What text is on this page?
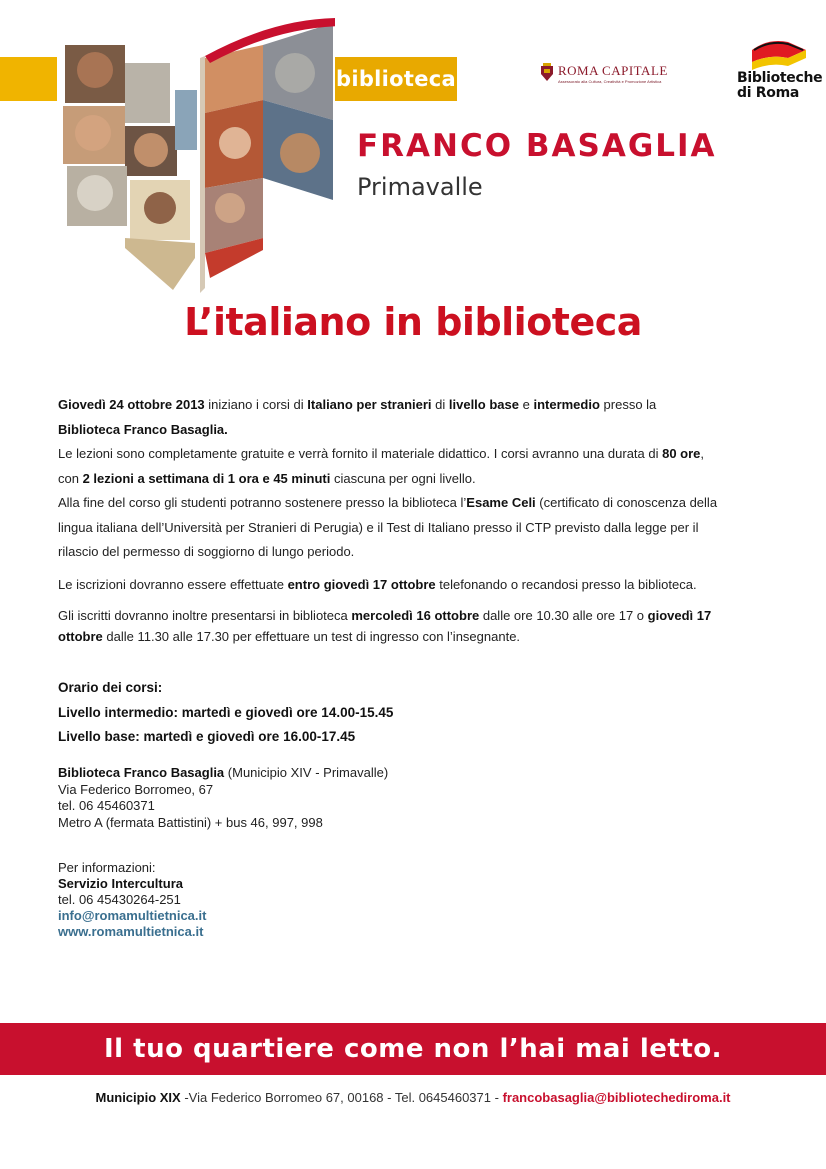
biblioteca	ROMA CAPITALE
Assessorato alla Cultura, Creatività e Promozione Artistica	Biblioteche
di Roma
FRANCO BASAGLIA
Primavalle
L’italiano in biblioteca

Giovedì 24 ottobre 2013 iniziano i corsi di Italiano per stranieri di livello base e intermedio presso la
Biblioteca Franco Basaglia.

Le lezioni sono completamente gratuite e verrà fornito il materiale didattico. I corsi avranno una durata di 80 ore,
con 2 lezioni a settimana di 1 ora e 45 minuti ciascuna per ogni livello.

Alla fine del corso gli studenti potranno sostenere presso la biblioteca l’Esame Celi (certificato di conoscenza della
lingua italiana dell’Università per Stranieri di Perugia) e il Test di Italiano presso il CTP previsto dalla legge per il
rilascio del permesso di soggiorno di lungo periodo.

Le iscrizioni dovranno essere effettuate entro giovedì 17 ottobre telefonando o recandosi presso la biblioteca.

Gli iscritti dovranno inoltre presentarsi in biblioteca mercoledì 16 ottobre dalle ore 10.30 alle ore 17 o giovedì 17
ottobre dalle 11.30 alle 17.30 per effettuare un test di ingresso con l’insegnante.

Orario dei corsi:
Livello intermedio: martedì e giovedì ore 14.00-15.45
Livello base: martedì e giovedì ore 16.00-17.45
Biblioteca Franco Basaglia (Municipio XIV - Primavalle)
Via Federico Borromeo, 67
tel. 06 45460371
Metro A (fermata Battistini) + bus 46, 997, 998
Per informazioni:
Servizio Intercultura
tel. 06 45430264-251
info@romamultietnica.it
www.romamultietnica.it
Il tuo quartiere come non l’hai mai letto.
Municipio XIX -Via Federico Borromeo 67, 00168 - Tel. 0645460371 - francobasaglia@bibliotechediroma.it
